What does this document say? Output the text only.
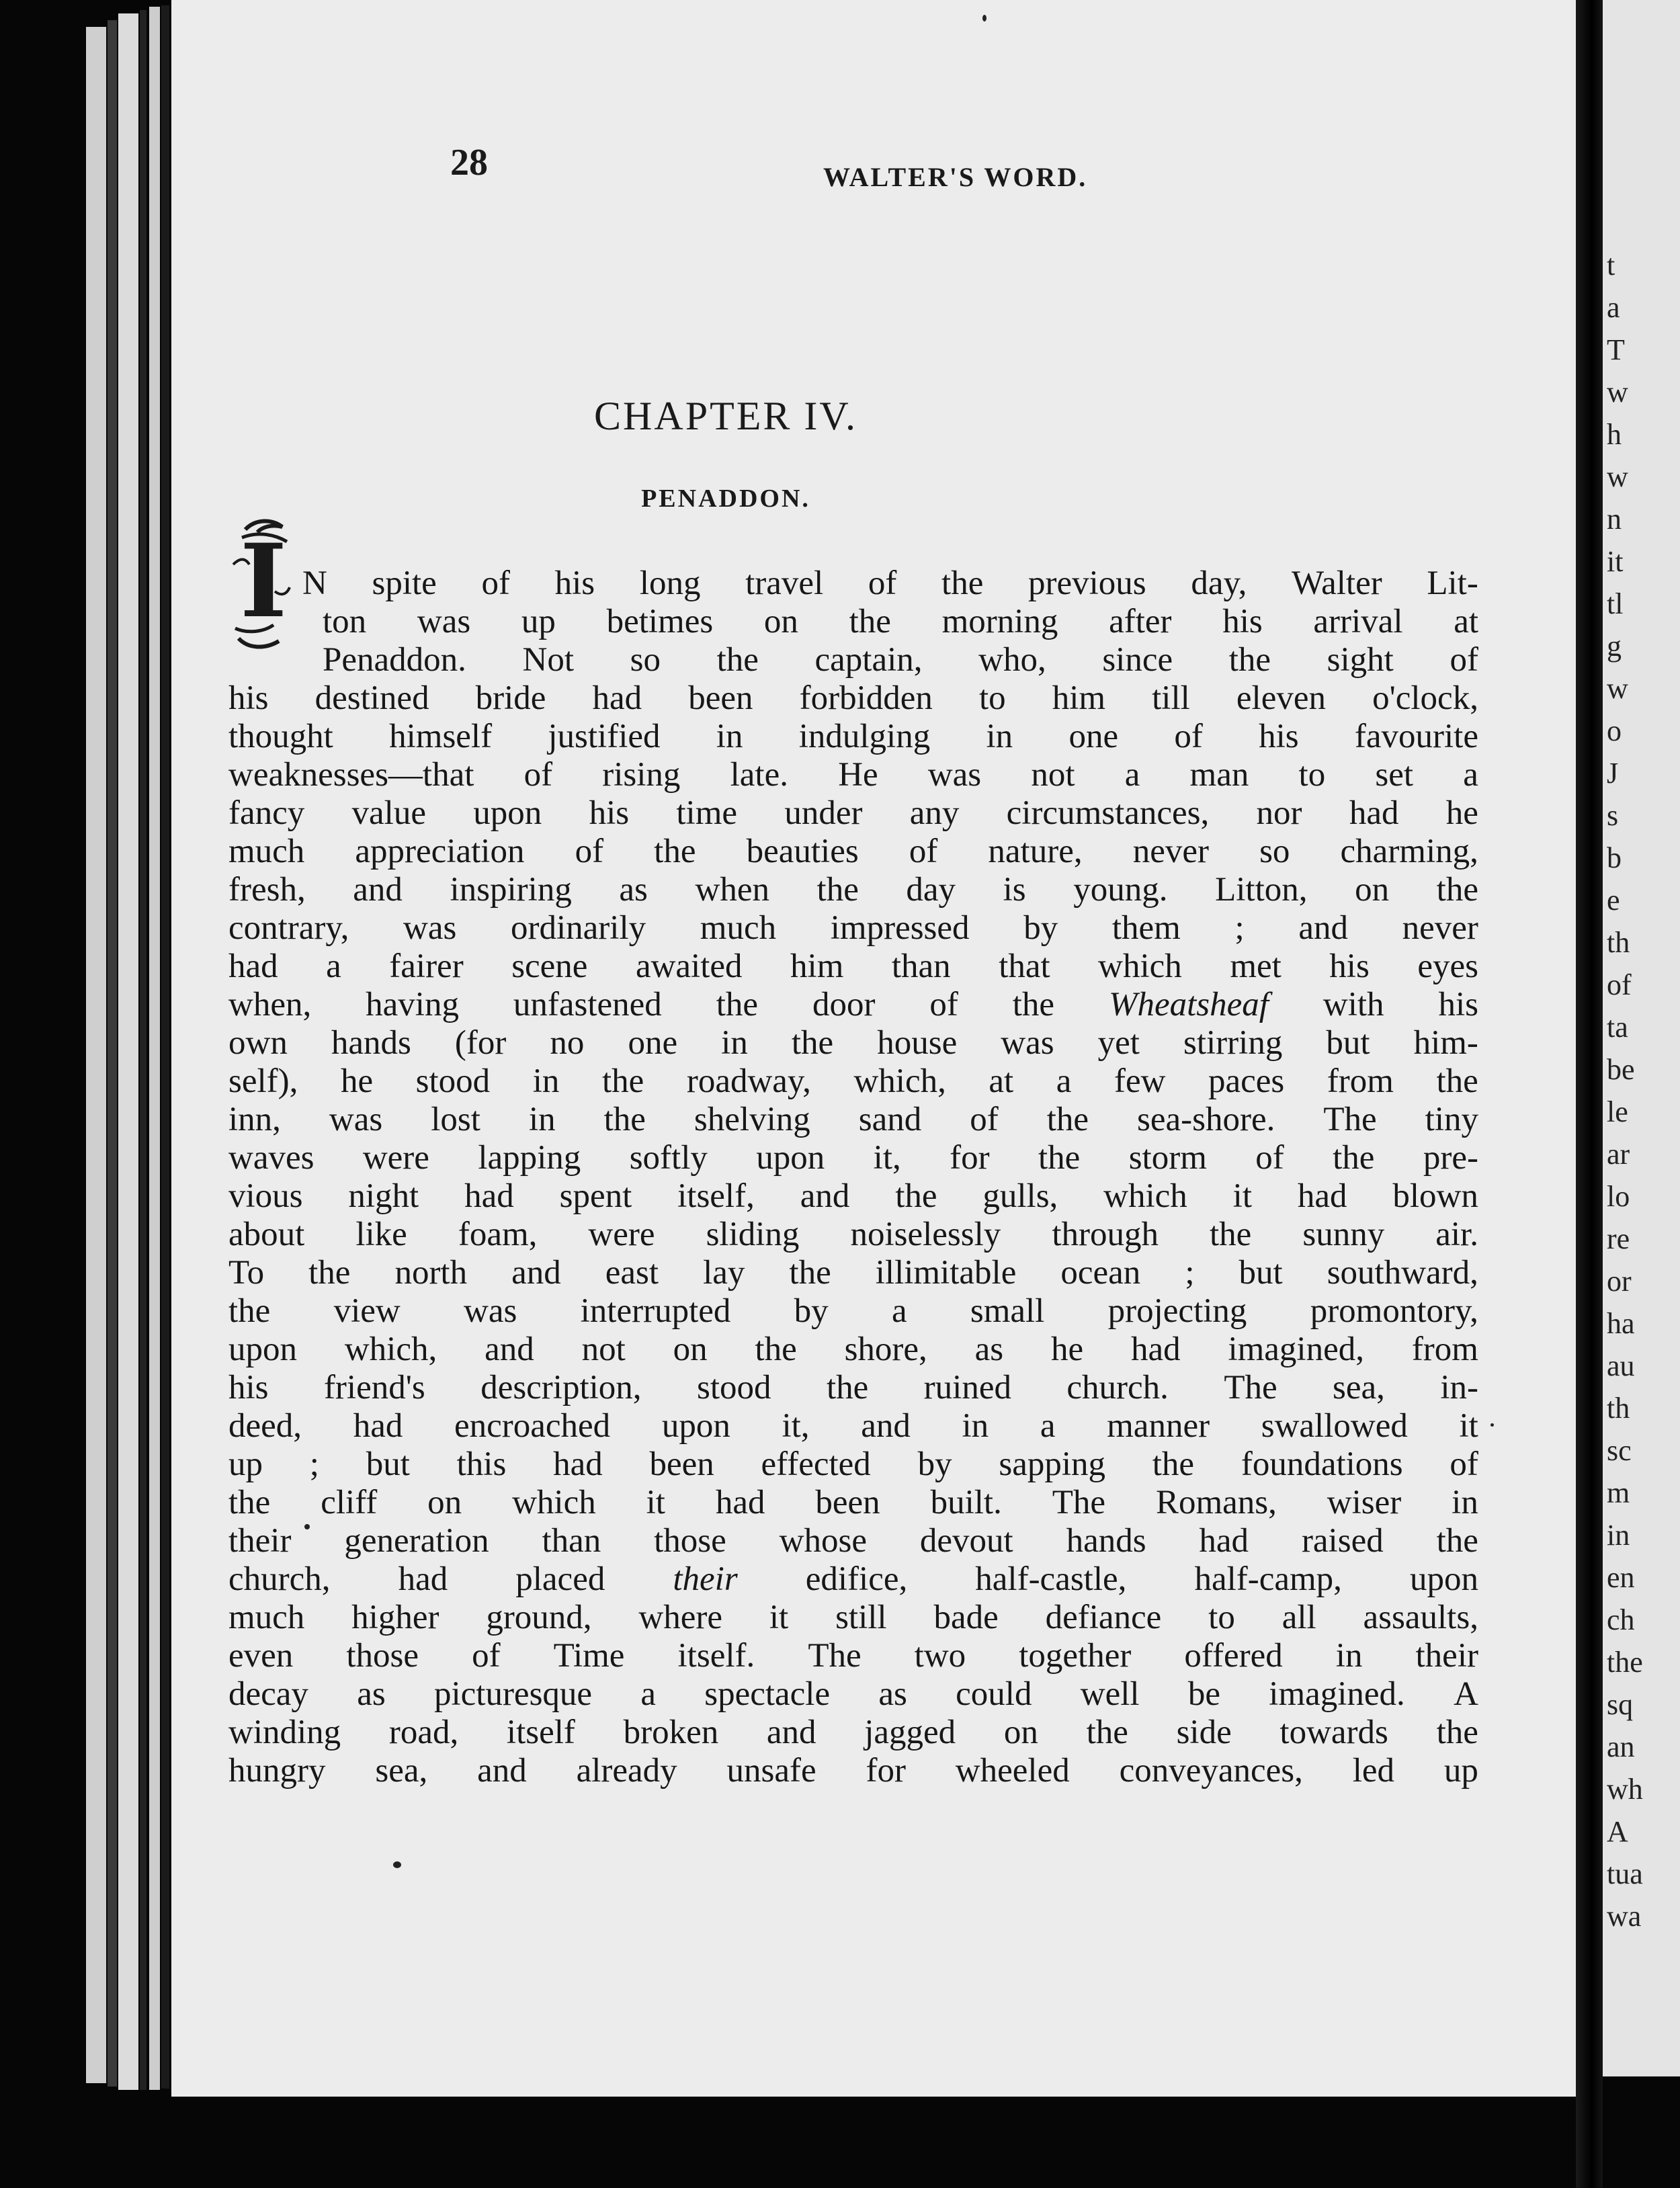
28	WALTER'S WORD.
CHAPTER IV.
PENADDON.
I N spite of his long travel of the previous day, Walter Lit-
ton was up betimes on the morning after his arrival at
Penaddon. Not so the captain, who, since the sight of
his destined bride had been forbidden to him till eleven o'clock,
thought himself justified in indulging in one of his favourite
weaknesses—that of rising late. He was not a man to set a
fancy value upon his time under any circumstances, nor had he
much appreciation of the beauties of nature, never so charming,
fresh, and inspiring as when the day is young. Litton, on the
contrary, was ordinarily much impressed by them ; and never
had a fairer scene awaited him than that which met his eyes
when, having unfastened the door of the Wheatsheaf with his
own hands (for no one in the house was yet stirring but him-
self), he stood in the roadway, which, at a few paces from the
inn, was lost in the shelving sand of the sea-shore. The tiny
waves were lapping softly upon it, for the storm of the pre-
vious night had spent itself, and the gulls, which it had blown
about like foam, were sliding noiselessly through the sunny air.
To the north and east lay the illimitable ocean ; but southward,
the view was interrupted by a small projecting promontory,
upon which, and not on the shore, as he had imagined, from
his friend's description, stood the ruined church. The sea, in-
deed, had encroached upon it, and in a manner swallowed it
up ; but this had been effected by sapping the foundations of
the cliff on which it had been built. The Romans, wiser in
their generation than those whose devout hands had raised the
church, had placed their edifice, half-castle, half-camp, upon
much higher ground, where it still bade defiance to all assaults,
even those of Time itself. The two together offered in their
decay as picturesque a spectacle as could well be imagined. A
winding road, itself broken and jagged on the side towards the
hungry sea, and already unsafe for wheeled conveyances, led up
t
a
T
w
h
w
n
it
tl
g
w
o
J
s
b
e
th
of
ta
be
le
ar
lo
re
or
ha
au
th
sc
m
in
en
ch
the
sq
an
wh
A
tua
wa
